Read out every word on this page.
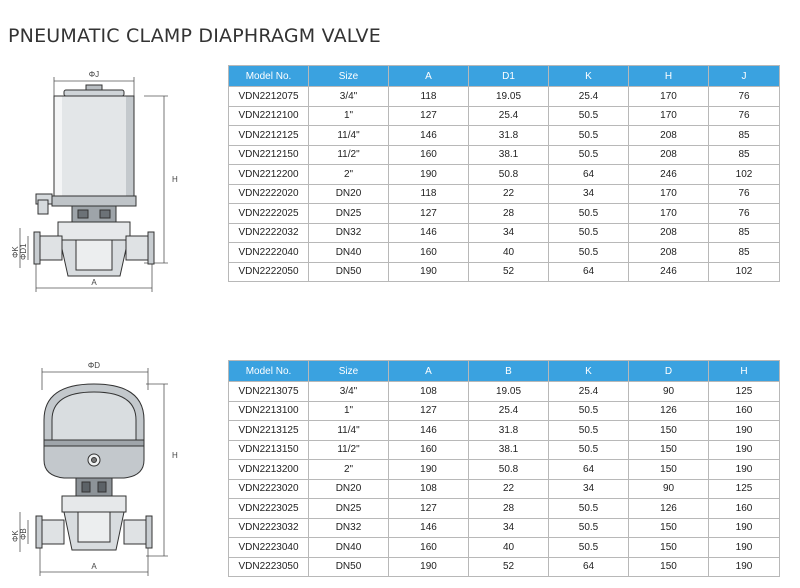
PNEUMATIC CLAMP DIAPHRAGM VALVE
ΦJ
H
A
ΦK ΦD1
ΦD
H
A
ΦK ΦB
Model No.	Size	A	D1	K	H	J
VDN2212075	3/4"	118	19.05	25.4	170	76
VDN2212100	1"	127	25.4	50.5	170	76
VDN2212125	11/4"	146	31.8	50.5	208	85
VDN2212150	11/2"	160	38.1	50.5	208	85
VDN2212200	2"	190	50.8	64	246	102
VDN2222020	DN20	118	22	34	170	76
VDN2222025	DN25	127	28	50.5	170	76
VDN2222032	DN32	146	34	50.5	208	85
VDN2222040	DN40	160	40	50.5	208	85
VDN2222050	DN50	190	52	64	246	102
Model No.	Size	A	B	K	D	H
VDN2213075	3/4"	108	19.05	25.4	90	125
VDN2213100	1"	127	25.4	50.5	126	160
VDN2213125	11/4"	146	31.8	50.5	150	190
VDN2213150	11/2"	160	38.1	50.5	150	190
VDN2213200	2"	190	50.8	64	150	190
VDN2223020	DN20	108	22	34	90	125
VDN2223025	DN25	127	28	50.5	126	160
VDN2223032	DN32	146	34	50.5	150	190
VDN2223040	DN40	160	40	50.5	150	190
VDN2223050	DN50	190	52	64	150	190
